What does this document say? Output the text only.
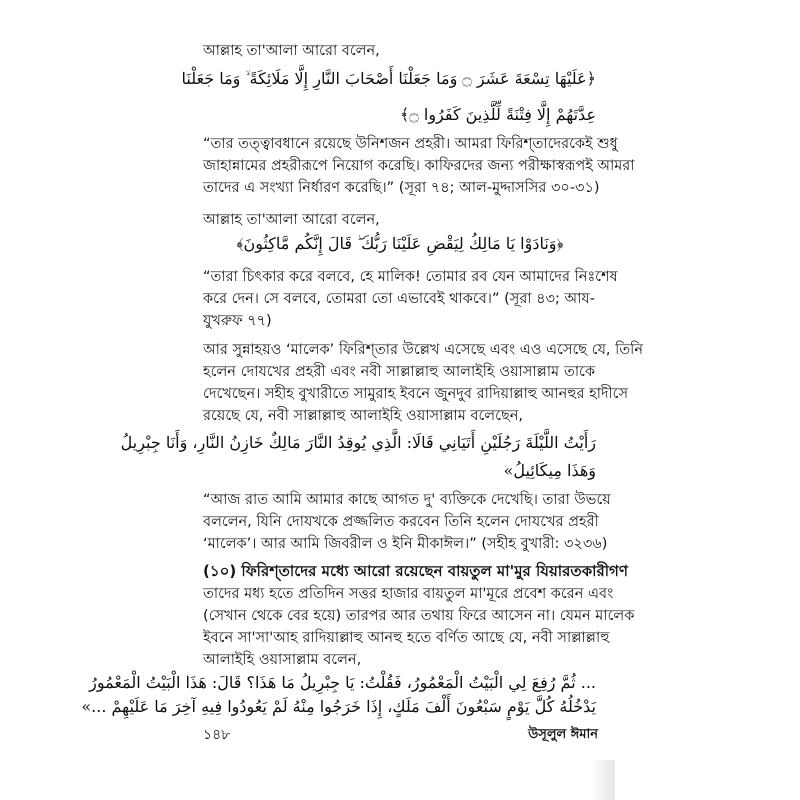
আল্লাহ তা'আলা আরো বলেন,
﴿عَلَيْهَا تِسْعَةَ عَشَرَ ۝ وَمَا جَعَلْنَا أَصْحَابَ النَّارِ إِلَّا مَلَائِكَةً ۙ وَمَا جَعَلْنَا
عِدَّتَهُمْ إِلَّا فِتْنَةً لِّلَّذِينَ كَفَرُوا ۝﴾
“তার তত্ত্বাবধানে রয়েছে উনিশজন প্রহরী। আমরা ফিরিশ্‌তাদেরকেই শুধু
জাহান্নামের প্রহরীরূপে নিয়োগ করেছি। কাফিরদের জন্য পরীক্ষাস্বরূপই আমরা
তাদের এ সংখ্যা নির্ধারণ করেছি।” (সূরা ৭৪; আল-মুদ্দাসসির ৩০-৩১)
আল্লাহ তা'আলা আরো বলেন,
﴿وَنَادَوْا يَا مَالِكُ لِيَقْضِ عَلَيْنَا رَبُّكَ ۖ قَالَ إِنَّكُم مَّاكِثُونَ﴾
“তারা চিৎকার করে বলবে, হে মালিক! তোমার রব যেন আমাদের নিঃশেষ
করে দেন। সে বলবে, তোমরা তো এভাবেই থাকবে।” (সূরা ৪৩; আয-
যুখরুফ ৭৭)
আর সুন্নাহয়ও ‘মালেক’ ফিরিশ্‌তার উল্লেখ এসেছে এবং এও এসেছে যে, তিনি
হলেন দোযখের প্রহরী এবং নবী সাল্লাল্লাহু আলাইহি ওয়াসাল্লাম তাকে
দেখেছেন। সহীহ বুখারীতে সামুরাহ ইবনে জুনদুব রাদিয়াল্লাহু আনহুর হাদীসে
রয়েছে যে, নবী সাল্লাল্লাহু আলাইহি ওয়াসাল্লাম বলেছেন,
رَأَيْتُ اللَّيْلَةَ رَجُلَيْنِ أَتَيَانِي قَالَا: الَّذِي يُوقِدُ النَّارَ مَالِكٌ خَازِنُ النَّارِ، وَأَنَا جِبْرِيلُ
وَهَذَا مِيكَائِيلُ»
“আজ রাত আমি আমার কাছে আগত দু' ব্যক্তিকে দেখেছি। তারা উভয়ে
বললেন, যিনি দোযখকে প্রজ্জলিত করবেন তিনি হলেন দোযখের প্রহরী
‘মালেক’। আর আমি জিবরীল ও ইনি মীকাঈল।” (সহীহ বুখারী: ৩২৩৬)
(১০) ফিরিশ্‌তাদের মধ্যে আরো রয়েছেন বায়তুল মা'মুর যিয়ারতকারীগণ
তাদের মধ্য হতে প্রতিদিন সত্তর হাজার বায়তুল মা'মূরে প্রবেশ করেন এবং
(সেখান থেকে বের হয়ে) তারপর আর তথায় ফিরে আসেন না। যেমন মালেক
ইবনে সা'সা'আহ রাদিয়াল্লাহু আনহু হতে বর্ণিত আছে যে, নবী সাল্লাল্লাহু
আলাইহি ওয়াসাল্লাম বলেন,
... ثُمَّ رُفِعَ لِي الْبَيْتُ الْمَعْمُورُ، فَقُلْتُ: يَا جِبْرِيلُ مَا هَذَا؟ قَالَ: هَذَا الْبَيْتُ الْمَعْمُورُ
يَدْخُلُهُ كُلَّ يَوْمٍ سَبْعُونَ أَلْفَ مَلَكٍ، إِذَا خَرَجُوا مِنْهُ لَمْ يَعُودُوا فِيهِ آخِرَ مَا عَلَيْهِمْ ...»
১৪৮	উসূলুল ঈমান
